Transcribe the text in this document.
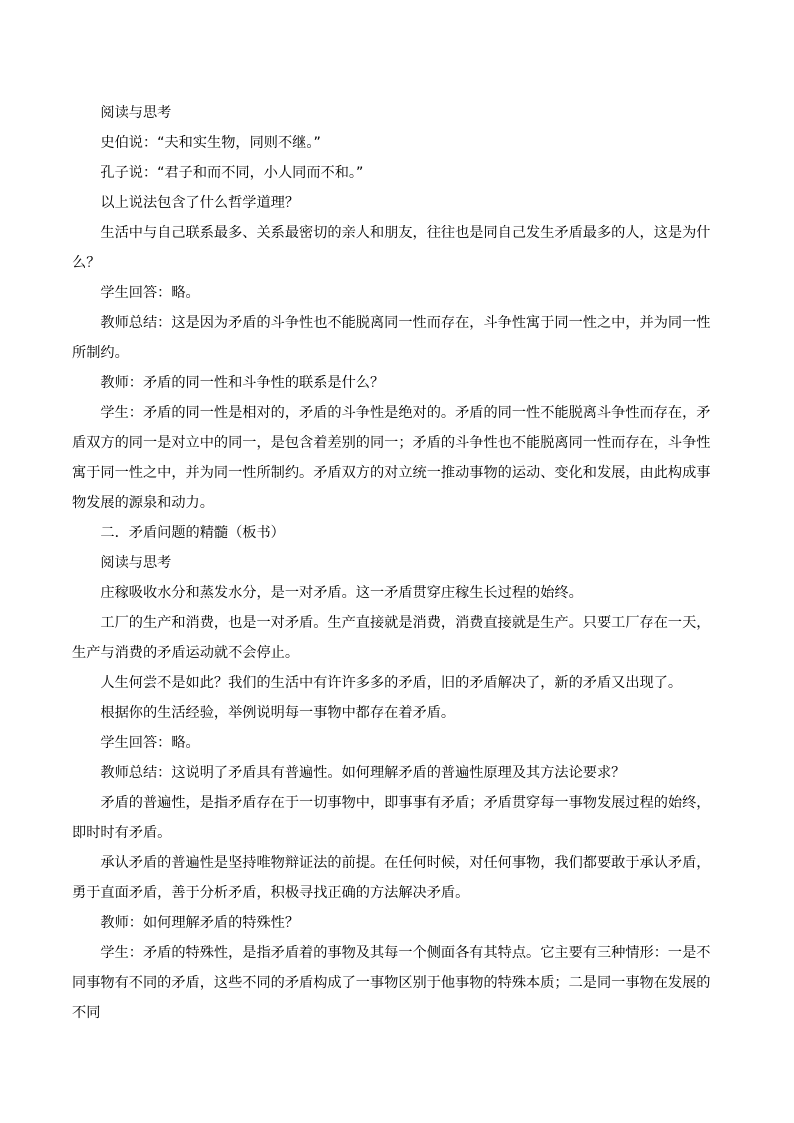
阅读与思考

史伯说：“夫和实生物，同则不继。”

孔子说：“君子和而不同，小人同而不和。”

以上说法包含了什么哲学道理？

生活中与自己联系最多、关系最密切的亲人和朋友，往往也是同自己发生矛盾最多的人，这是为什么？

学生回答：略。

教师总结：这是因为矛盾的斗争性也不能脱离同一性而存在，斗争性寓于同一性之中，并为同一性所制约。

教师：矛盾的同一性和斗争性的联系是什么？

学生：矛盾的同一性是相对的，矛盾的斗争性是绝对的。矛盾的同一性不能脱离斗争性而存在，矛盾双方的同一是对立中的同一，是包含着差别的同一；矛盾的斗争性也不能脱离同一性而存在，斗争性寓于同一性之中，并为同一性所制约。矛盾双方的对立统一推动事物的运动、变化和发展，由此构成事物发展的源泉和动力。

二．矛盾问题的精髓（板书）

阅读与思考

庄稼吸收水分和蒸发水分，是一对矛盾。这一矛盾贯穿庄稼生长过程的始终。

工厂的生产和消费，也是一对矛盾。生产直接就是消费，消费直接就是生产。只要工厂存在一天，生产与消费的矛盾运动就不会停止。

人生何尝不是如此？我们的生活中有许许多多的矛盾，旧的矛盾解决了，新的矛盾又出现了。

根据你的生活经验，举例说明每一事物中都存在着矛盾。

学生回答：略。

教师总结：这说明了矛盾具有普遍性。如何理解矛盾的普遍性原理及其方法论要求？

矛盾的普遍性，是指矛盾存在于一切事物中，即事事有矛盾；矛盾贯穿每一事物发展过程的始终，即时时有矛盾。

承认矛盾的普遍性是坚持唯物辩证法的前提。在任何时候，对任何事物，我们都要敢于承认矛盾，勇于直面矛盾，善于分析矛盾，积极寻找正确的方法解决矛盾。

教师：如何理解矛盾的特殊性？

学生：矛盾的特殊性，是指矛盾着的事物及其每一个侧面各有其特点。它主要有三种情形：一是不同事物有不同的矛盾，这些不同的矛盾构成了一事物区别于他事物的特殊本质；二是同一事物在发展的不同
